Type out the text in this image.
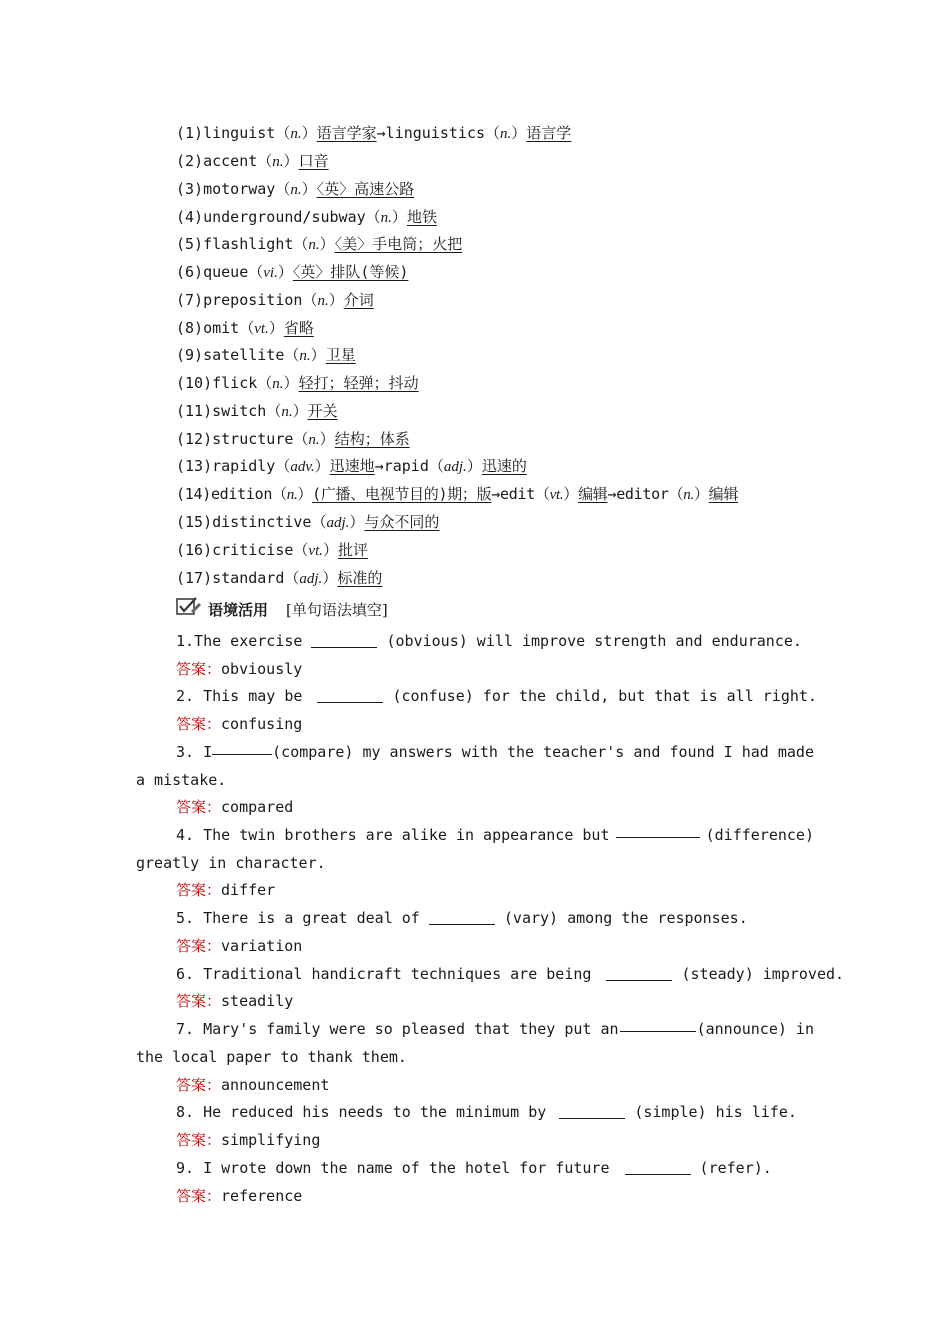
(1)linguist（n.）语言学家→linguistics（n.）语言学
(2)accent（n.）口音
(3)motorway（n.）〈英〉高速公路
(4)underground/subway（n.）地铁
(5)flashlight（n.）〈美〉手电筒；火把
(6)queue（vi.）〈英〉排队(等候)
(7)preposition（n.）介词
(8)omit（vt.）省略
(9)satellite（n.）卫星
(10)flick（n.）轻打；轻弹；抖动
(11)switch（n.）开关
(12)structure（n.）结构；体系
(13)rapidly（adv.）迅速地→rapid（adj.）迅速的
(14)edition（n.）(广播、电视节目的)期；版→edit（vt.）编辑→editor（n.）编辑
(15)distinctive（adj.）与众不同的
(16)criticise（vt.）批评
(17)standard（adj.）标准的
语境活用 [单句语法填空]
1.The exercise	(obvious) will improve strength and endurance.
答案：obviously
2. This may be	(confuse) for the child, but that is all right.
答案：confusing
3. I	(compare) my answers with the teacher's and found I had made
a mistake.
答案：compared
4. The twin brothers are alike in appearance but	(difference)
greatly in character.
答案：differ
5. There is a great deal of	(vary) among the responses.
答案：variation
6. Traditional handicraft techniques are being	(steady) improved.
答案：steadily
7. Mary's family were so pleased that they put an	(announce) in
the local paper to thank them.
答案：announcement
8. He reduced his needs to the minimum by	(simple) his life.
答案：simplifying
9. I wrote down the name of the hotel for future	(refer).
答案：reference
